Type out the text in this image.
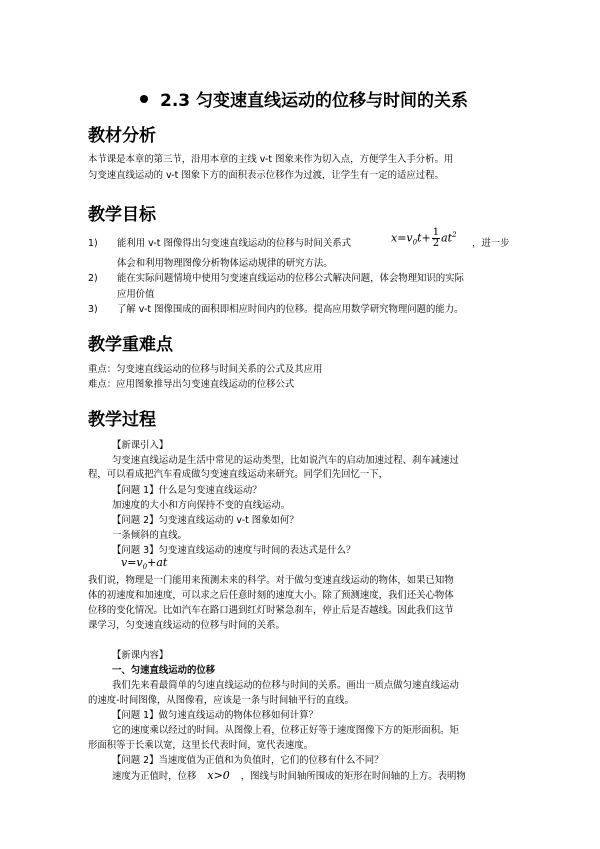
2.3 匀变速直线运动的位移与时间的关系
教材分析
本节课是本章的第三节，沿用本章的主线 v-t 图象来作为切入点，方便学生入手分析。用
匀变速直线运动的 v-t 图象下方的面积表示位移作为过渡，让学生有一定的适应过程。
教学目标
1) 能利用 v-t 图像得出匀变速直线运动的位移与时间关系式	$x=v_0t+ \frac{1}{2} at^2$
，进一步
体会和利用物理图像分析物体运动规律的研究方法。
2) 能在实际问题情境中使用匀变速直线运动的位移公式解决问题，体会物理知识的实际
应用价值
3) 了解 v-t 图像围成的面积即相应时间内的位移。提高应用数学研究物理问题的能力。
教学重难点
重点：匀变速直线运动的位移与时间关系的公式及其应用
难点：应用图象推导出匀变速直线运动的位移公式
教学过程
【新课引入】
匀变速直线运动是生活中常见的运动类型，比如说汽车的启动加速过程、刹车减速过
程，可以看成把汽车看成做匀变速直线运动来研究。同学们先回忆一下，
【问题 1】什么是匀变速直线运动？
加速度的大小和方向保持不变的直线运动。
【问题 2】匀变速直线运动的 v-t 图象如何？
一条倾斜的直线。
【问题 3】匀变速直线运动的速度与时间的表达式是什么？
$v=v_0+at$
我们说，物理是一门能用来预测未来的科学。对于做匀变速直线运动的物体，如果已知物
体的初速度和加速度，可以求之后任意时刻的速度大小。除了预测速度，我们还关心物体
位移的变化情况。比如汽车在路口遇到红灯时紧急刹车，停止后是否越线。因此我们这节
课学习，匀变速直线运动的位移与时间的关系。
【新课内容】
一、匀速直线运动的位移
我们先来看最简单的匀速直线运动的位移与时间的关系。画出一质点做匀速直线运动
的速度-时间图像，从图像看，应该是一条与时间轴平行的直线。
【问题 1】做匀速直线运动的物体位移如何计算？
它的速度乘以经过的时间。从图像上看，位移正好等于速度图像下方的矩形面积。矩
形面积等于长乘以宽，这里长代表时间，宽代表速度。
【问题 2】当速度值为正值和为负值时，它们的位移有什么不同？
速度为正值时，位移 x>0 ，图线与时间轴所围成的矩形在时间轴的上方。表明物
